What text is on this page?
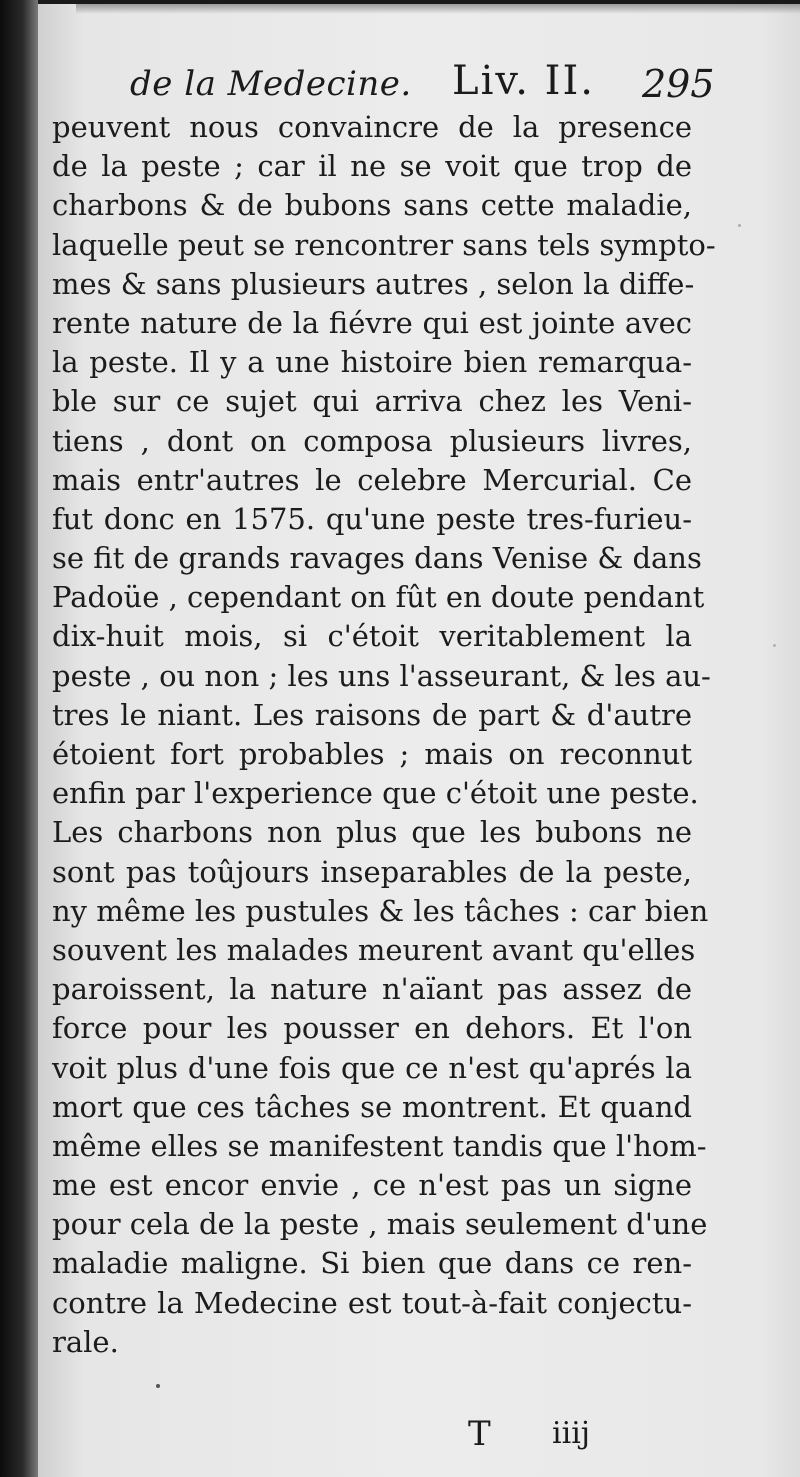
de la Medecine. Liv. II. 295
peuvent nous convaincre de la presence
de la peste ; car il ne se voit que trop de
charbons & de bubons sans cette maladie,
laquelle peut se rencontrer sans tels sympto-
mes & sans plusieurs autres , selon la diffe-
rente nature de la fiévre qui est jointe avec
la peste. Il y a une histoire bien remarqua-
ble sur ce sujet qui arriva chez les Veni-
tiens , dont on composa plusieurs livres,
mais entr'autres le celebre Mercurial. Ce
fut donc en 1575. qu'une peste tres-furieu-
se fit de grands ravages dans Venise & dans
Padoüe , cependant on fût en doute pendant
dix-huit mois, si c'étoit veritablement la
peste , ou non ; les uns l'asseurant, & les au-
tres le niant. Les raisons de part & d'autre
étoient fort probables ; mais on reconnut
enfin par l'experience que c'étoit une peste.
Les charbons non plus que les bubons ne
sont pas toûjours inseparables de la peste,
ny même les pustules & les tâches : car bien
souvent les malades meurent avant qu'elles
paroissent, la nature n'aïant pas assez de
force pour les pousser en dehors. Et l'on
voit plus d'une fois que ce n'est qu'aprés la
mort que ces tâches se montrent. Et quand
même elles se manifestent tandis que l'hom-
me est encor envie , ce n'est pas un signe
pour cela de la peste , mais seulement d'une
maladie maligne. Si bien que dans ce ren-
contre la Medecine est tout-à-fait conjectu-
rale.
T iiij
